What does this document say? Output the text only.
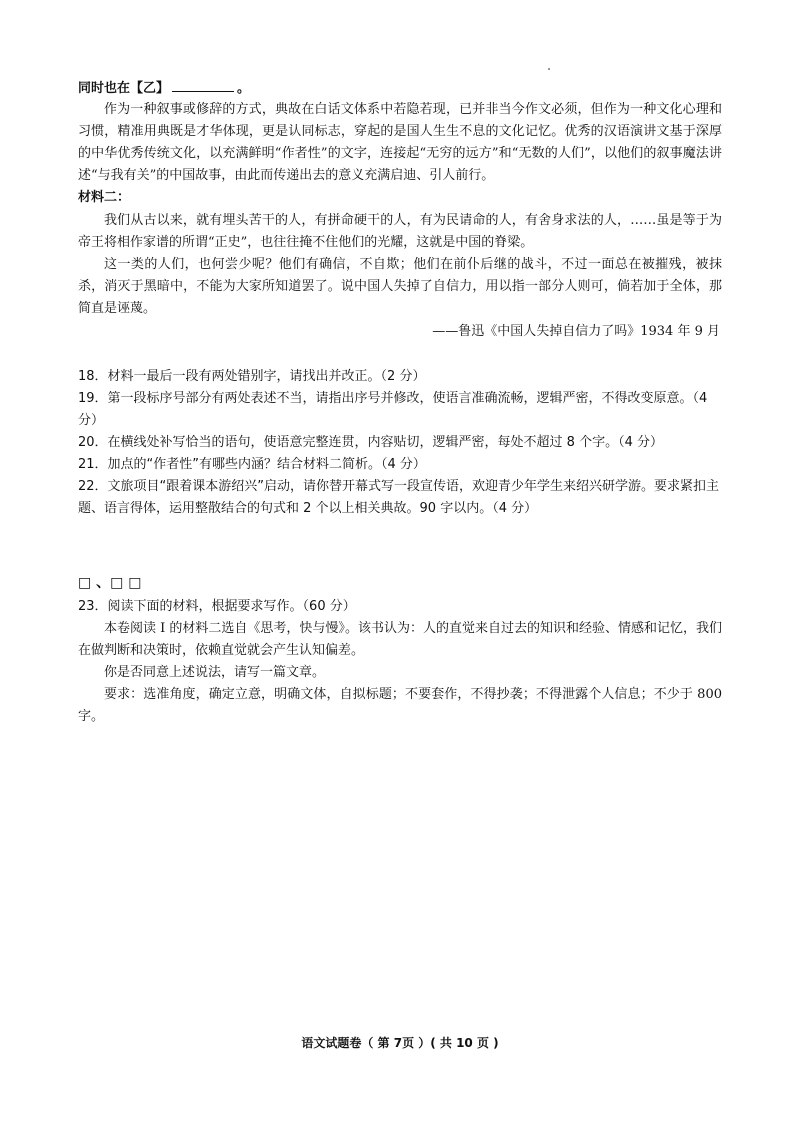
同时也在【乙】	。
作为一种叙事或修辞的方式，典故在白话文体系中若隐若现，已并非当今作文必须，但作为一种文化心理和习惯，精准用典既是才华体现，更是认同标志，穿起的是国人生生不息的文化记忆。优秀的汉语演讲文基于深厚的中华优秀传统文化，以充满鲜明“作者性”的文字，连接起“无穷的远方”和“无数的人们”，以他们的叙事魔法讲述“与我有关”的中国故事，由此而传递出去的意义充满启迪、引人前行。
材料二：
我们从古以来，就有埋头苦干的人，有拼命硬干的人，有为民请命的人，有舍身求法的人，……虽是等于为帝王将相作家谱的所谓“正史”，也往往掩不住他们的光耀，这就是中国的脊梁。
这一类的人们，也何尝少呢？他们有确信，不自欺；他们在前仆后继的战斗，不过一面总在被摧残，被抹杀，消灭于黑暗中，不能为大家所知道罢了。说中国人失掉了自信力，用以指一部分人则可，倘若加于全体，那简直是诬蔑。
——鲁迅《中国人失掉自信力了吗》1934 年 9 月
18．材料一最后一段有两处错别字，请找出并改正。（2 分）
19．第一段标序号部分有两处表述不当，请指出序号并修改，使语言准确流畅，逻辑严密，不得改变原意。（4 分）
20．在横线处补写恰当的语句，使语意完整连贯，内容贴切，逻辑严密，每处不超过 8 个字。（4 分）
21．加点的“作者性”有哪些内涵？结合材料二简析。（4 分）
22．文旅项目“跟着课本游绍兴”启动，请你替开幕式写一段宣传语，欢迎青少年学生来绍兴研学游。要求紧扣主题、语言得体，运用整散结合的句式和 2 个以上相关典故。90 字以内。（4 分）
□ 、□ □
23．阅读下面的材料，根据要求写作。（60 分）
本卷阅读 I 的材料二选自《思考，快与慢》。该书认为：人的直觉来自过去的知识和经验、情感和记忆，我们在做判断和决策时，依赖直觉就会产生认知偏差。
你是否同意上述说法，请写一篇文章。
要求：选准角度，确定立意，明确文体，自拟标题；不要套作，不得抄袭；不得泄露个人信息；不少于 800 字。
语文试题卷（ 第 7页 ）( 共 10 页 )
